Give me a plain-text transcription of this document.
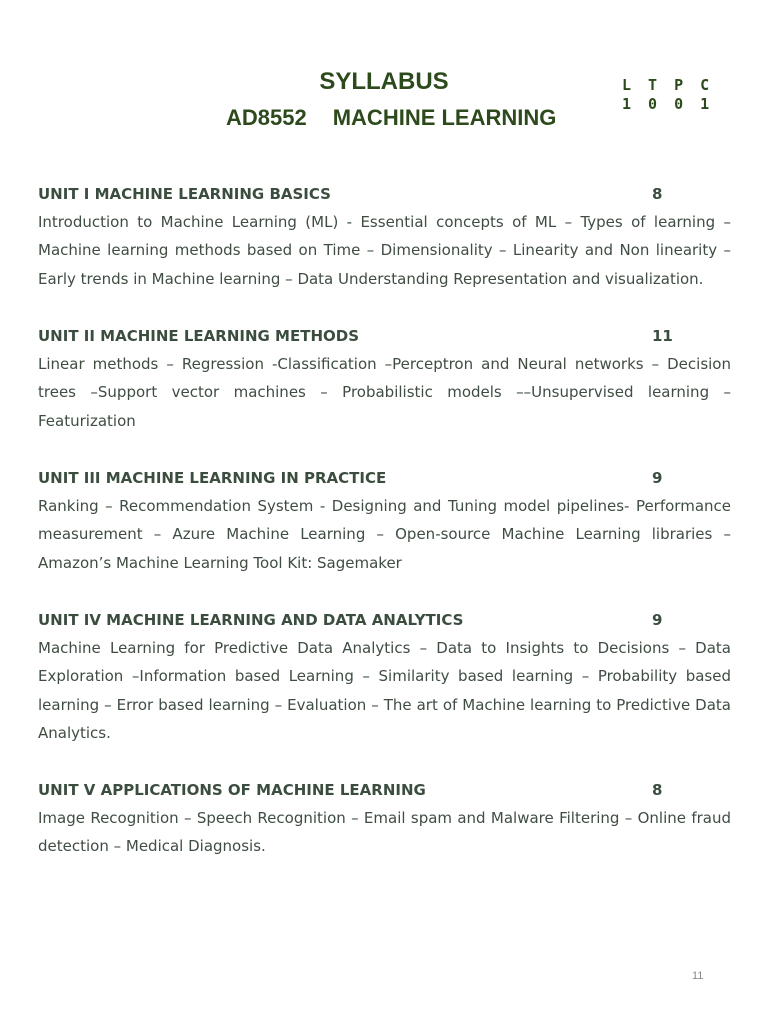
SYLLABUS
AD8552 MACHINE LEARNING
L T P C
1 0 0 1
UNIT I MACHINE LEARNING BASICS	8
Introduction to Machine Learning (ML) - Essential concepts of ML – Types of learning – Machine learning methods based on Time – Dimensionality – Linearity and Non linearity – Early trends in Machine learning – Data Understanding Representation and visualization.
UNIT II MACHINE LEARNING METHODS	11
Linear methods – Regression -Classification –Perceptron and Neural networks – Decision trees –Support vector machines – Probabilistic models ––Unsupervised learning – Featurization
UNIT III MACHINE LEARNING IN PRACTICE	9
Ranking – Recommendation System - Designing and Tuning model pipelines- Performance measurement – Azure Machine Learning – Open-source Machine Learning libraries – Amazon’s Machine Learning Tool Kit: Sagemaker
UNIT IV MACHINE LEARNING AND DATA ANALYTICS	9
Machine Learning for Predictive Data Analytics – Data to Insights to Decisions – Data Exploration –Information based Learning – Similarity based learning – Probability based learning – Error based learning – Evaluation – The art of Machine learning to Predictive Data Analytics.
UNIT V APPLICATIONS OF MACHINE LEARNING	8
Image Recognition – Speech Recognition – Email spam and Malware Filtering – Online fraud detection – Medical Diagnosis.
11
